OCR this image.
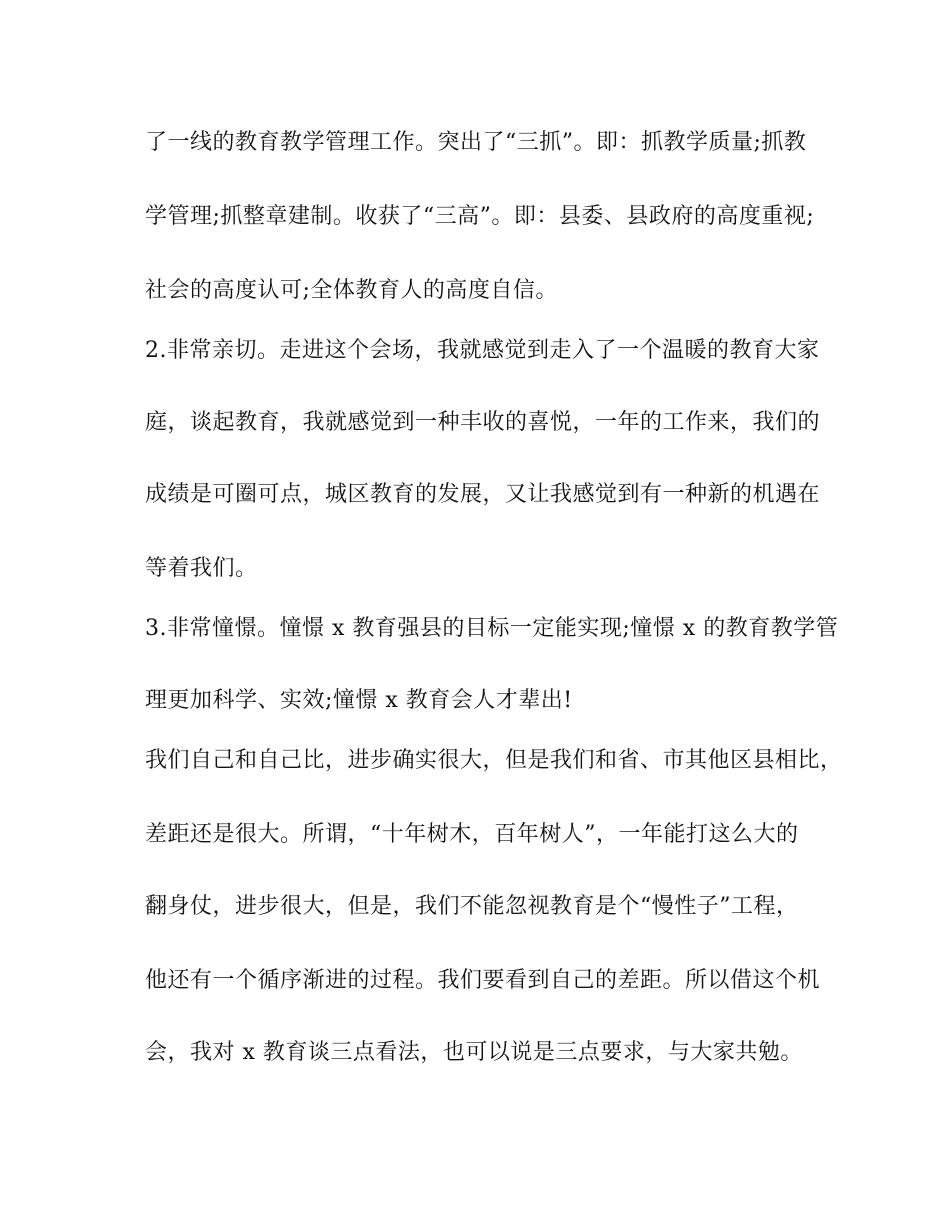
了一线的教育教学管理工作。突出了“三抓”。即：抓教学质量;抓教
学管理;抓整章建制。收获了“三高”。即：县委、县政府的高度重视;
社会的高度认可;全体教育人的高度自信。
2.非常亲切。走进这个会场，我就感觉到走入了一个温暖的教育大家
庭，谈起教育，我就感觉到一种丰收的喜悦，一年的工作来，我们的
成绩是可圈可点，城区教育的发展，又让我感觉到有一种新的机遇在
等着我们。
3.非常憧憬。憧憬 x 教育强县的目标一定能实现;憧憬 x 的教育教学管
理更加科学、实效;憧憬 x 教育会人才辈出!
我们自己和自己比，进步确实很大，但是我们和省、市其他区县相比，
差距还是很大。所谓，“十年树木，百年树人”，一年能打这么大的
翻身仗，进步很大，但是，我们不能忽视教育是个“慢性子”工程，
他还有一个循序渐进的过程。我们要看到自己的差距。所以借这个机
会，我对 x 教育谈三点看法，也可以说是三点要求，与大家共勉。
